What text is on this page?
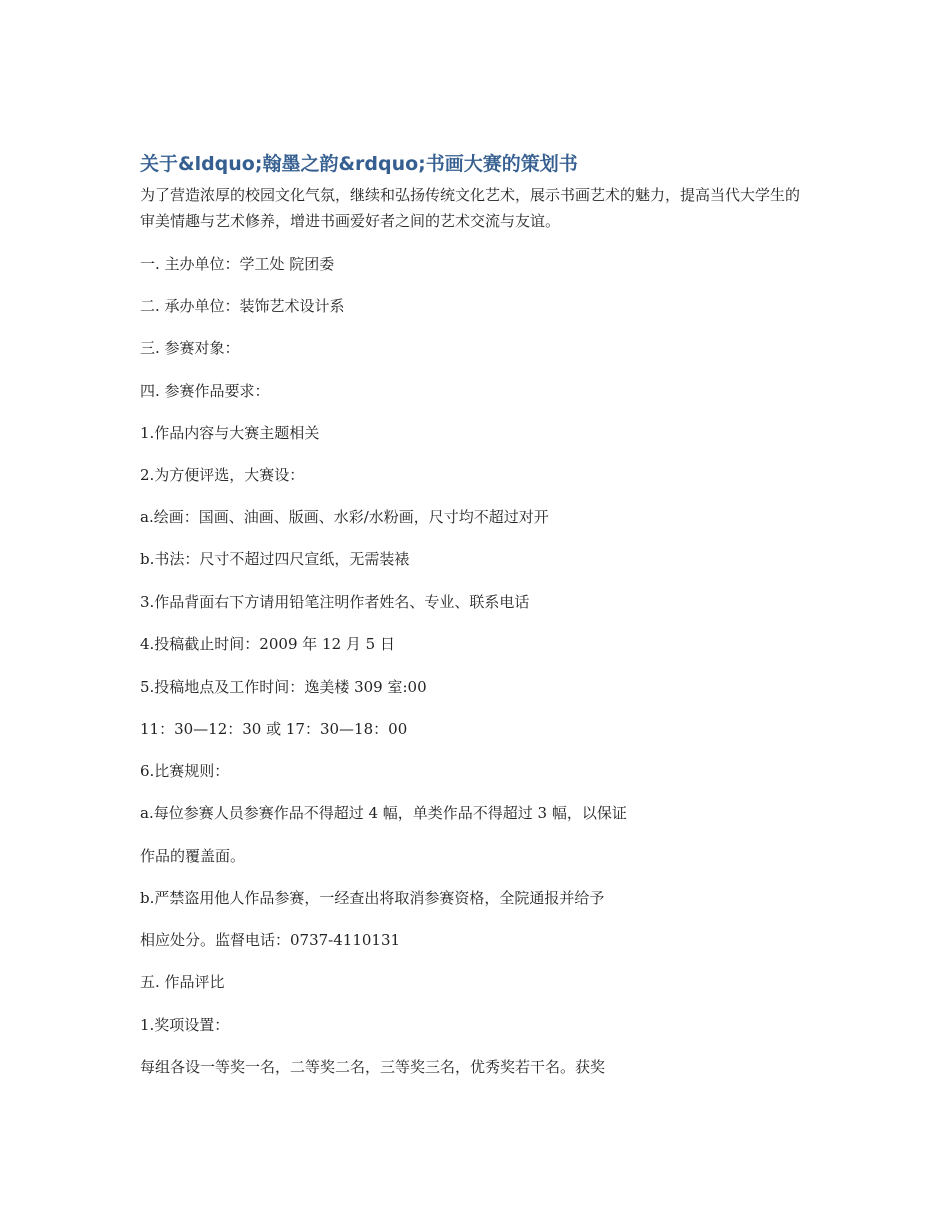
关于&ldquo;翰墨之韵&rdquo;书画大赛的策划书

为了营造浓厚的校园文化气氛，继续和弘扬传统文化艺术，展示书画艺术的魅力，提高当代大学生的审美情趣与艺术修养，增进书画爱好者之间的艺术交流与友谊。

一. 主办单位：学工处 院团委

二. 承办单位：装饰艺术设计系

三. 参赛对象：

四. 参赛作品要求：

1.作品内容与大赛主题相关

2.为方便评选，大赛设：

a.绘画：国画、油画、版画、水彩/水粉画，尺寸均不超过对开

b.书法：尺寸不超过四尺宣纸，无需装裱

3.作品背面右下方请用铅笔注明作者姓名、专业、联系电话

4.投稿截止时间：2009 年 12 月 5 日

5.投稿地点及工作时间：逸美楼 309 室:00

11：30—12：30 或 17：30—18：00

6.比赛规则：

a.每位参赛人员参赛作品不得超过 4 幅，单类作品不得超过 3 幅，以保证

作品的覆盖面。

b.严禁盗用他人作品参赛，一经查出将取消参赛资格，全院通报并给予

相应处分。监督电话：0737-4110131

五. 作品评比

1.奖项设置：

每组各设一等奖一名，二等奖二名，三等奖三名，优秀奖若干名。获奖
